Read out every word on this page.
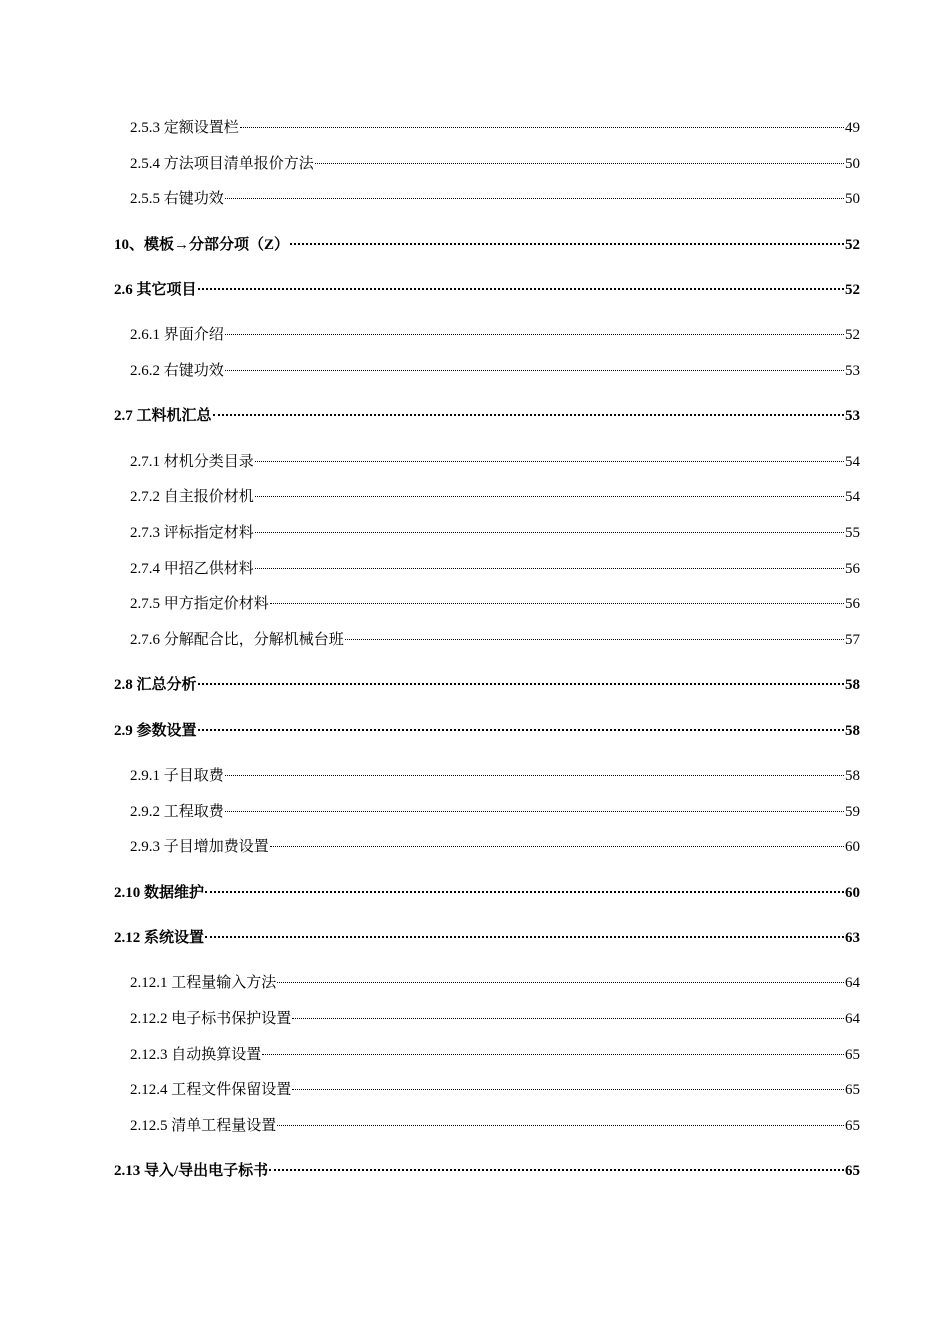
2.5.3 定额设置栏	49
2.5.4 方法项目清单报价方法	50
2.5.5 右键功效	50
10、模板→分部分项（Z）	52
2.6 其它项目	52
2.6.1 界面介绍	52
2.6.2 右键功效	53
2.7 工料机汇总	53
2.7.1 材机分类目录	54
2.7.2 自主报价材机	54
2.7.3 评标指定材料	55
2.7.4 甲招乙供材料	56
2.7.5 甲方指定价材料	56
2.7.6 分解配合比，分解机械台班	57
2.8 汇总分析	58
2.9 参数设置	58
2.9.1 子目取费	58
2.9.2 工程取费	59
2.9.3 子目增加费设置	60
2.10 数据维护	60
2.12 系统设置	63
2.12.1 工程量输入方法	64
2.12.2 电子标书保护设置	64
2.12.3 自动换算设置	65
2.12.4 工程文件保留设置	65
2.12.5 清单工程量设置	65
2.13 导入/导出电子标书	65
